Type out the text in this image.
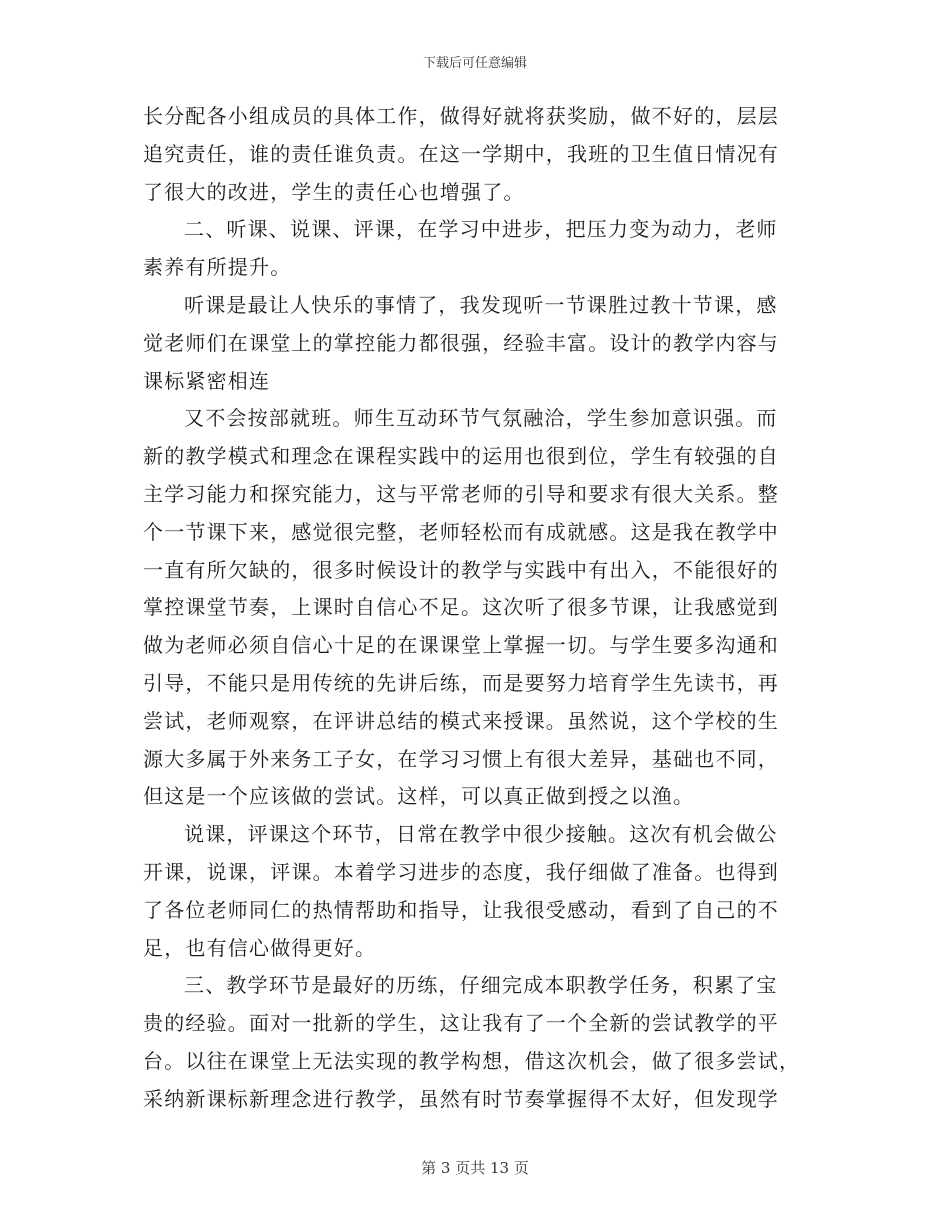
下载后可任意编辑
长分配各小组成员的具体工作，做得好就将获奖励，做不好的，层层
追究责任，谁的责任谁负责。在这一学期中，我班的卫生值日情况有
了很大的改进，学生的责任心也增强了。
二、听课、说课、评课，在学习中进步，把压力变为动力，老师
素养有所提升。
听课是最让人快乐的事情了，我发现听一节课胜过教十节课，感
觉老师们在课堂上的掌控能力都很强，经验丰富。设计的教学内容与
课标紧密相连
又不会按部就班。师生互动环节气氛融洽，学生参加意识强。而
新的教学模式和理念在课程实践中的运用也很到位，学生有较强的自
主学习能力和探究能力，这与平常老师的引导和要求有很大关系。整
个一节课下来，感觉很完整，老师轻松而有成就感。这是我在教学中
一直有所欠缺的，很多时候设计的教学与实践中有出入，不能很好的
掌控课堂节奏，上课时自信心不足。这次听了很多节课，让我感觉到
做为老师必须自信心十足的在课课堂上掌握一切。与学生要多沟通和
引导，不能只是用传统的先讲后练，而是要努力培育学生先读书，再
尝试，老师观察，在评讲总结的模式来授课。虽然说，这个学校的生
源大多属于外来务工子女，在学习习惯上有很大差异，基础也不同，
但这是一个应该做的尝试。这样，可以真正做到授之以渔。
说课，评课这个环节，日常在教学中很少接触。这次有机会做公
开课，说课，评课。本着学习进步的态度，我仔细做了准备。也得到
了各位老师同仁的热情帮助和指导，让我很受感动，看到了自己的不
足，也有信心做得更好。
三、教学环节是最好的历练，仔细完成本职教学任务，积累了宝
贵的经验。面对一批新的学生，这让我有了一个全新的尝试教学的平
台。以往在课堂上无法实现的教学构想，借这次机会，做了很多尝试，
采纳新课标新理念进行教学，虽然有时节奏掌握得不太好，但发现学
第 3 页共 13 页
